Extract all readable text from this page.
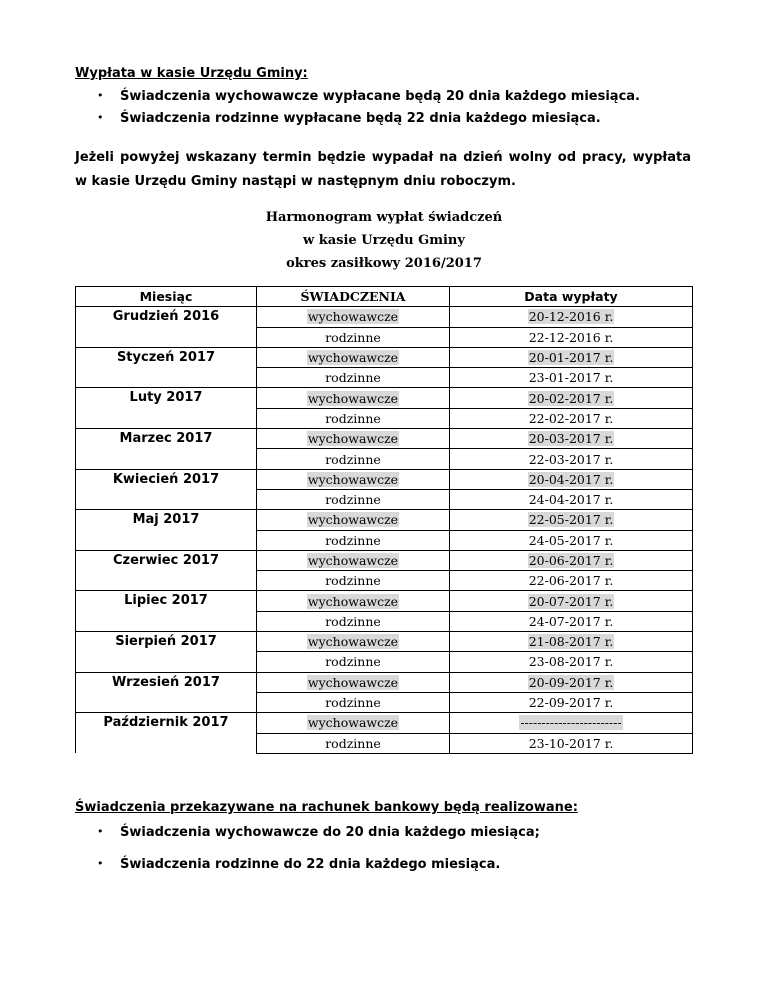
Wypłata w kasie Urzędu Gminy:
• Świadczenia wychowawcze wypłacane będą 20 dnia każdego miesiąca.
• Świadczenia rodzinne wypłacane będą 22 dnia każdego miesiąca.
Jeżeli powyżej wskazany termin będzie wypadał na dzień wolny od pracy, wypłata
w kasie Urzędu Gminy nastąpi w następnym dniu roboczym.
Harmonogram wypłat świadczeń
w kasie Urzędu Gminy
okres zasiłkowy 2016/2017
Miesiąc	ŚWIADCZENIA	Data wypłaty
Grudzień 2016	wychowawcze	20-12-2016 r.
	rodzinne	22-12-2016 r.
Styczeń 2017	wychowawcze	20-01-2017 r.
	rodzinne	23-01-2017 r.
Luty 2017	wychowawcze	20-02-2017 r.
	rodzinne	22-02-2017 r.
Marzec 2017	wychowawcze	20-03-2017 r.
	rodzinne	22-03-2017 r.
Kwiecień 2017	wychowawcze	20-04-2017 r.
	rodzinne	24-04-2017 r.
Maj 2017	wychowawcze	22-05-2017 r.
	rodzinne	24-05-2017 r.
Czerwiec 2017	wychowawcze	20-06-2017 r.
	rodzinne	22-06-2017 r.
Lipiec 2017	wychowawcze	20-07-2017 r.
	rodzinne	24-07-2017 r.
Sierpień 2017	wychowawcze	21-08-2017 r.
	rodzinne	23-08-2017 r.
Wrzesień 2017	wychowawcze	20-09-2017 r.
	rodzinne	22-09-2017 r.
Październik 2017	wychowawcze	------------------------
	rodzinne	23-10-2017 r.
Świadczenia przekazywane na rachunek bankowy będą realizowane:
• Świadczenia wychowawcze do 20 dnia każdego miesiąca;
• Świadczenia rodzinne do 22 dnia każdego miesiąca.
